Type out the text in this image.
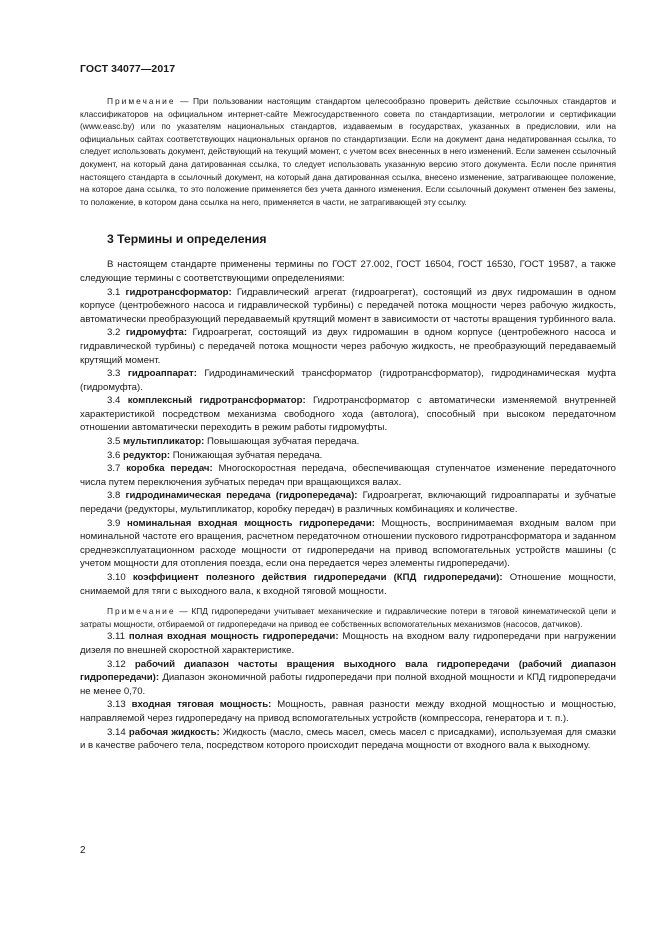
ГОСТ 34077—2017

Примечание — При пользовании настоящим стандартом целесообразно проверить действие ссылочных стандартов и классификаторов на официальном интернет-сайте Межгосударственного совета по стандартизации, метрологии и сертификации (www.easc.by) или по указателям национальных стандартов, издаваемым в государствах, указанных в предисловии, или на официальных сайтах соответствующих национальных органов по стандартизации. Если на документ дана недатированная ссылка, то следует использовать документ, действующий на текущий момент, с учетом всех внесенных в него изменений. Если заменен ссылочный документ, на который дана датированная ссылка, то следует использовать указанную версию этого документа. Если после принятия настоящего стандарта в ссылочный документ, на который дана датированная ссылка, внесено изменение, затрагивающее положение, на которое дана ссылка, то это положение применяется без учета данного изменения. Если ссылочный документ отменен без замены, то положение, в котором дана ссылка на него, применяется в части, не затрагивающей эту ссылку.

3 Термины и определения

В настоящем стандарте применены термины по ГОСТ 27.002, ГОСТ 16504, ГОСТ 16530, ГОСТ 19587, а также следующие термины с соответствующими определениями:

3.1 гидротрансформатор: Гидравлический агрегат (гидроагрегат), состоящий из двух гидромашин в одном корпусе (центробежного насоса и гидравлической турбины) с передачей потока мощности через рабочую жидкость, автоматически преобразующий передаваемый крутящий момент в зависимости от частоты вращения турбинного вала.

3.2 гидромуфта: Гидроагрегат, состоящий из двух гидромашин в одном корпусе (центробежного насоса и гидравлической турбины) с передачей потока мощности через рабочую жидкость, не преобразующий передаваемый крутящий момент.

3.3 гидроаппарат: Гидродинамический трансформатор (гидротрансформатор), гидродинамическая муфта (гидромуфта).

3.4 комплексный гидротрансформатор: Гидротрансформатор с автоматически изменяемой внутренней характеристикой посредством механизма свободного хода (автолога), способный при высоком передаточном отношении автоматически переходить в режим работы гидромуфты.

3.5 мультипликатор: Повышающая зубчатая передача.

3.6 редуктор: Понижающая зубчатая передача.

3.7 коробка передач: Многоскоростная передача, обеспечивающая ступенчатое изменение передаточного числа путем переключения зубчатых передач при вращающихся валах.

3.8 гидродинамическая передача (гидропередача): Гидроагрегат, включающий гидроаппараты и зубчатые передачи (редукторы, мультипликатор, коробку передач) в различных комбинациях и количестве.

3.9 номинальная входная мощность гидропередачи: Мощность, воспринимаемая входным валом при номинальной частоте его вращения, расчетном передаточном отношении пускового гидротрансформатора и заданном среднеэксплуатационном расходе мощности от гидропередачи на привод вспомогательных устройств машины (с учетом мощности для отопления поезда, если она передается через элементы гидропередачи).

3.10 коэффициент полезного действия гидропередачи (КПД гидропередачи): Отношение мощности, снимаемой для тяги с выходного вала, к входной тяговой мощности.

Примечание — КПД гидропередачи учитывает механические и гидравлические потери в тяговой кинематической цепи и затраты мощности, отбираемой от гидропередачи на привод ее собственных вспомогательных механизмов (насосов, датчиков).

3.11 полная входная мощность гидропередачи: Мощность на входном валу гидропередачи при нагружении дизеля по внешней скоростной характеристике.

3.12 рабочий диапазон частоты вращения выходного вала гидропередачи (рабочий диапазон гидропередачи): Диапазон экономичной работы гидропередачи при полной входной мощности и КПД гидропередачи не менее 0,70.

3.13 входная тяговая мощность: Мощность, равная разности между входной мощностью и мощностью, направляемой через гидропередачу на привод вспомогательных устройств (компрессора, генератора и т. п.).

3.14 рабочая жидкость: Жидкость (масло, смесь масел, смесь масел с присадками), используемая для смазки и в качестве рабочего тела, посредством которого происходит передача мощности от входного вала к выходному.

2
